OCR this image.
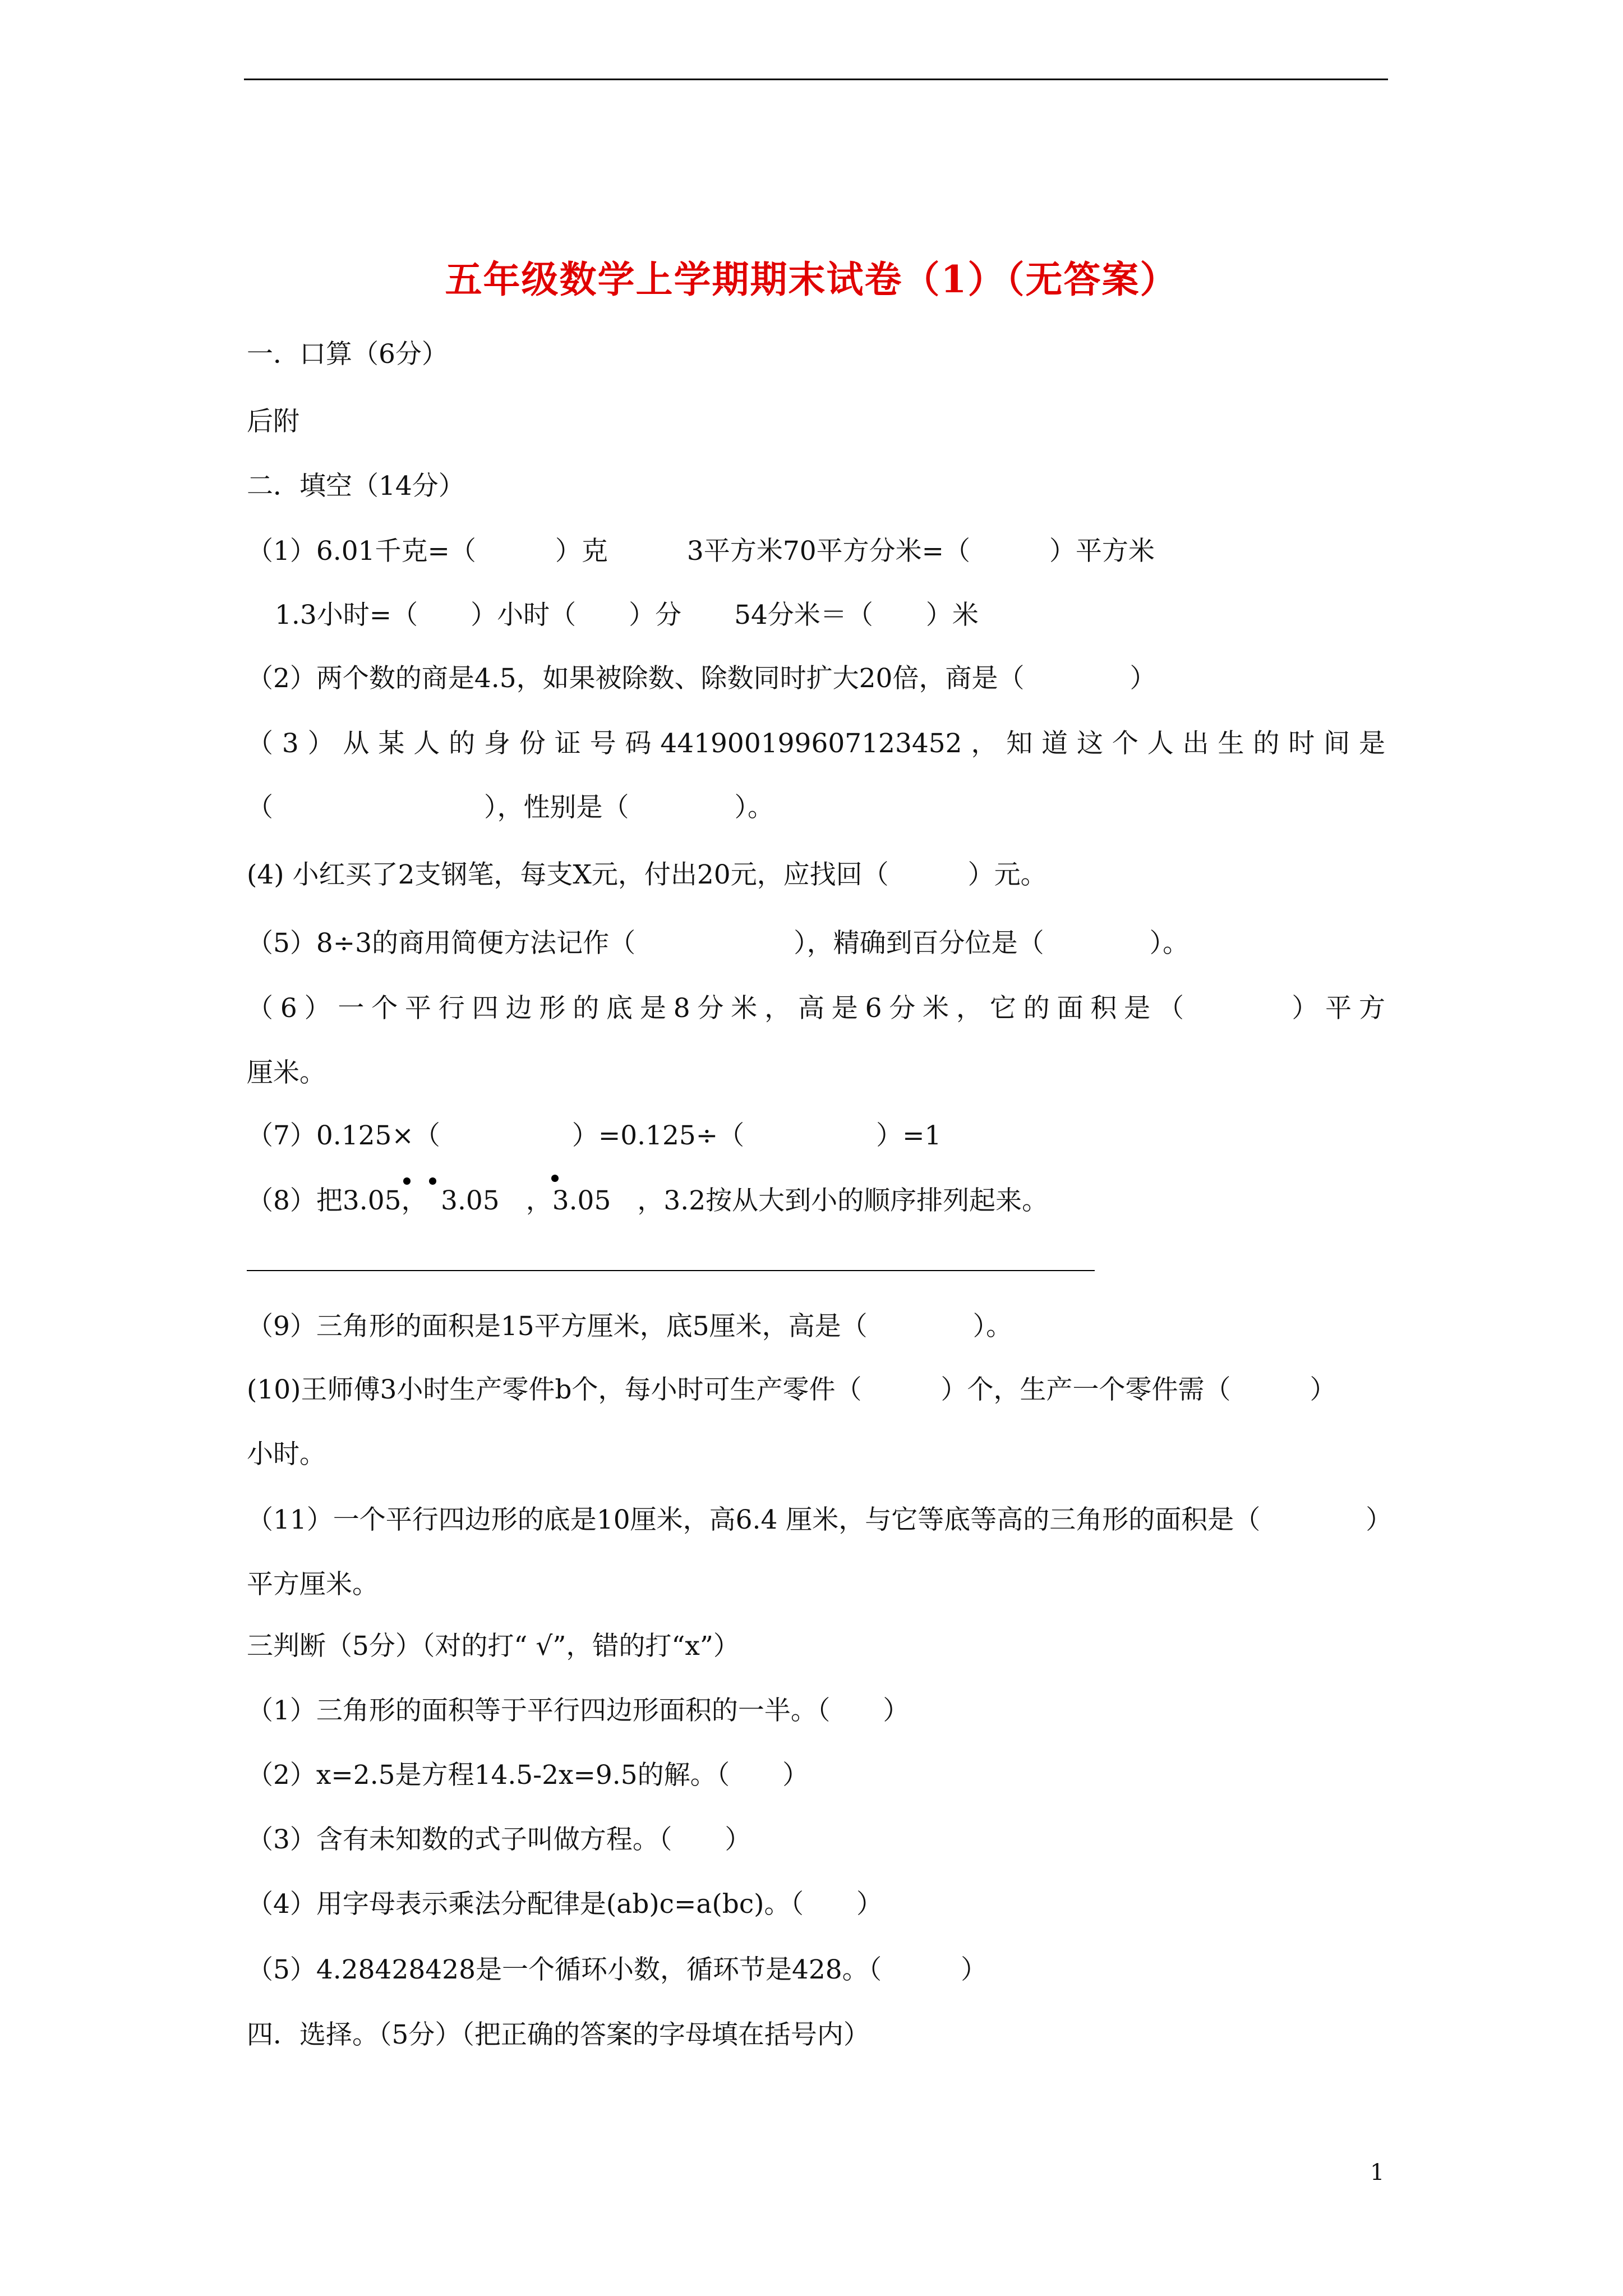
五年级数学上学期期末试卷（1）（无答案）
一．口算（6分）
后附
二．填空（14分）
（1）6.01千克=（　　　）克　　　3平方米70平方分米=（　　　）平方米
1.3小时=（　　）小时（　　）分　　54分米＝（　　）米
（2）两个数的商是4.5，如果被除数、除数同时扩大20倍，商是（　　　　）
（3）从某人的身份证号码441900199607123452，知道这个人出生的时间是
（　　　　　　　　），性别是（　　　　）。
(4) 小红买了2支钢笔，每支X元，付出20元，应找回（　　　）元。
（5）8÷3的商用简便方法记作（　　　　　　），精确到百分位是（　　　　）。
（6）一个平行四边形的底是8分米，高是6分米，它的面积是（　　　）平方
厘米。
（7）0.125×（　　　　　）=0.125÷（　　　　　）=1
（8）把3.05，　3.05　，3.05　，3.2按从大到小的顺序排列起来。
（9）三角形的面积是15平方厘米，底5厘米，高是（　　　　）。
(10)王师傅3小时生产零件b个，每小时可生产零件（　　　）个，生产一个零件需（　　　）
小时。
（11）一个平行四边形的底是10厘米，高6.4 厘米，与它等底等高的三角形的面积是（　　　　）
平方厘米。
三判断（5分）（对的打“ √”，错的打“x”）
（1）三角形的面积等于平行四边形面积的一半。（　　）
（2）x=2.5是方程14.5-2x=9.5的解。（　　）
（3）含有未知数的式子叫做方程。（　　）
（4）用字母表示乘法分配律是(ab)c=a(bc)。（　　）
（5）4.28428428是一个循环小数，循环节是428。（　　　）
四．选择。（5分）（把正确的答案的字母填在括号内）
1
